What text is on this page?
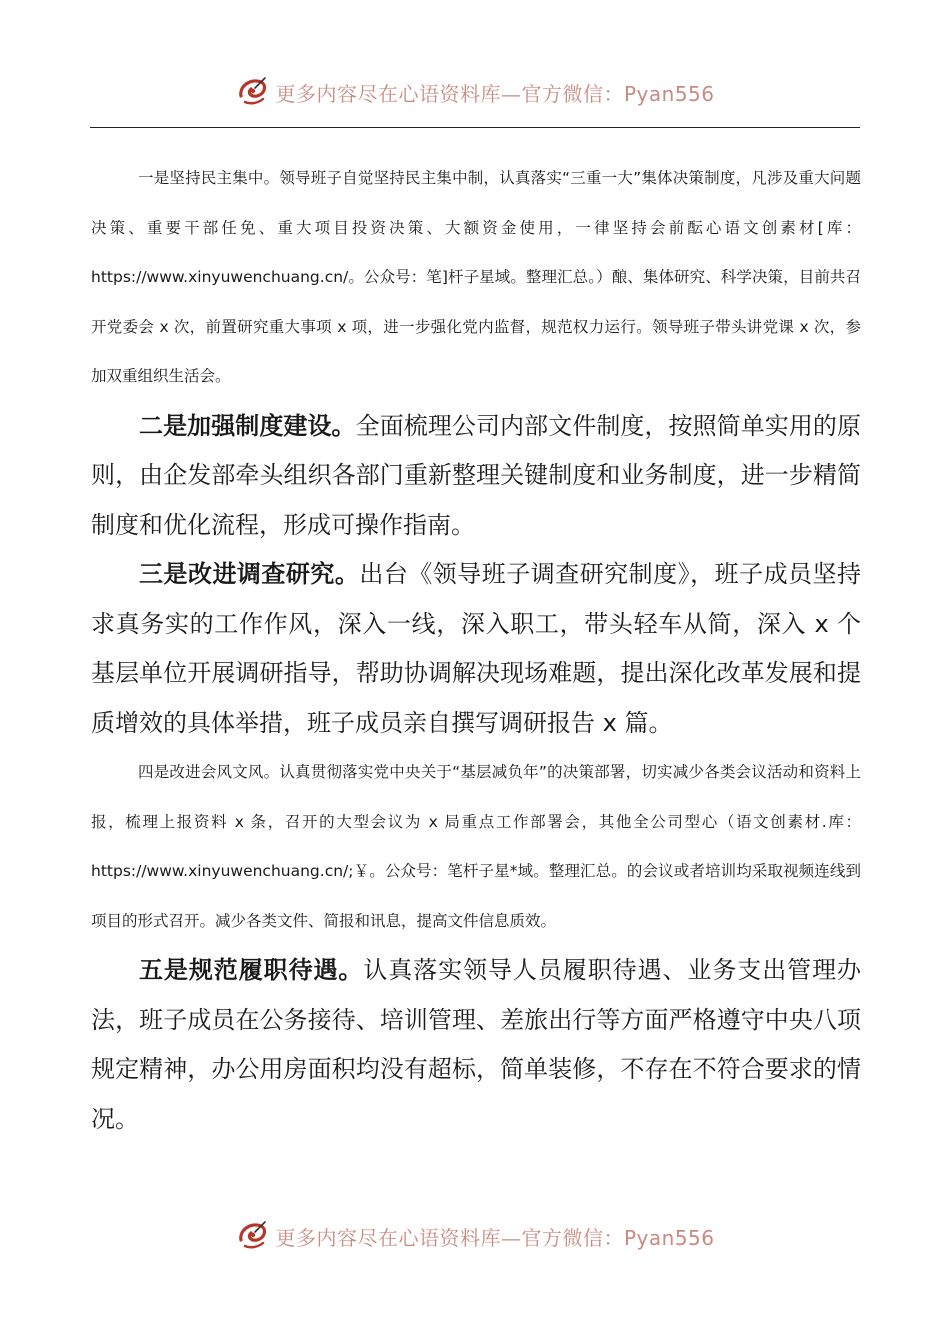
更多内容尽在心语资料库—官方微信：Pyan556

一是坚持民主集中。领导班子自觉坚持民主集中制，认真落实“三重一大”集体决策制度，凡涉及重大问题决策、重要干部任免、重大项目投资决策、大额资金使用，一律坚持会前酝心语文创素材[库：https://www.xinyuwenchuang.cn/。公众号：笔]杆子星域。整理汇总。）酿、集体研究、科学决策，目前共召开党委会 x 次，前置研究重大事项 x 项，进一步强化党内监督，规范权力运行。领导班子带头讲党课 x 次，参加双重组织生活会。

二是加强制度建设。全面梳理公司内部文件制度，按照简单实用的原则，由企发部牵头组织各部门重新整理关键制度和业务制度，进一步精简制度和优化流程，形成可操作指南。

三是改进调查研究。出台《领导班子调查研究制度》，班子成员坚持求真务实的工作作风，深入一线，深入职工，带头轻车从简，深入 x 个基层单位开展调研指导，帮助协调解决现场难题，提出深化改革发展和提质增效的具体举措，班子成员亲自撰写调研报告 x 篇。

四是改进会风文风。认真贯彻落实党中央关于“基层减负年”的决策部署，切实减少各类会议活动和资料上报，梳理上报资料 x 条，召开的大型会议为 x 局重点工作部署会，其他全公司型心（语文创素材.库：https://www.xinyuwenchuang.cn/;￥。公众号：笔杆子星*域。整理汇总。的会议或者培训均采取视频连线到项目的形式召开。减少各类文件、简报和讯息，提高文件信息质效。

五是规范履职待遇。认真落实领导人员履职待遇、业务支出管理办法，班子成员在公务接待、培训管理、差旅出行等方面严格遵守中央八项规定精神，办公用房面积均没有超标，简单装修，不存在不符合要求的情况。

更多内容尽在心语资料库—官方微信：Pyan556
